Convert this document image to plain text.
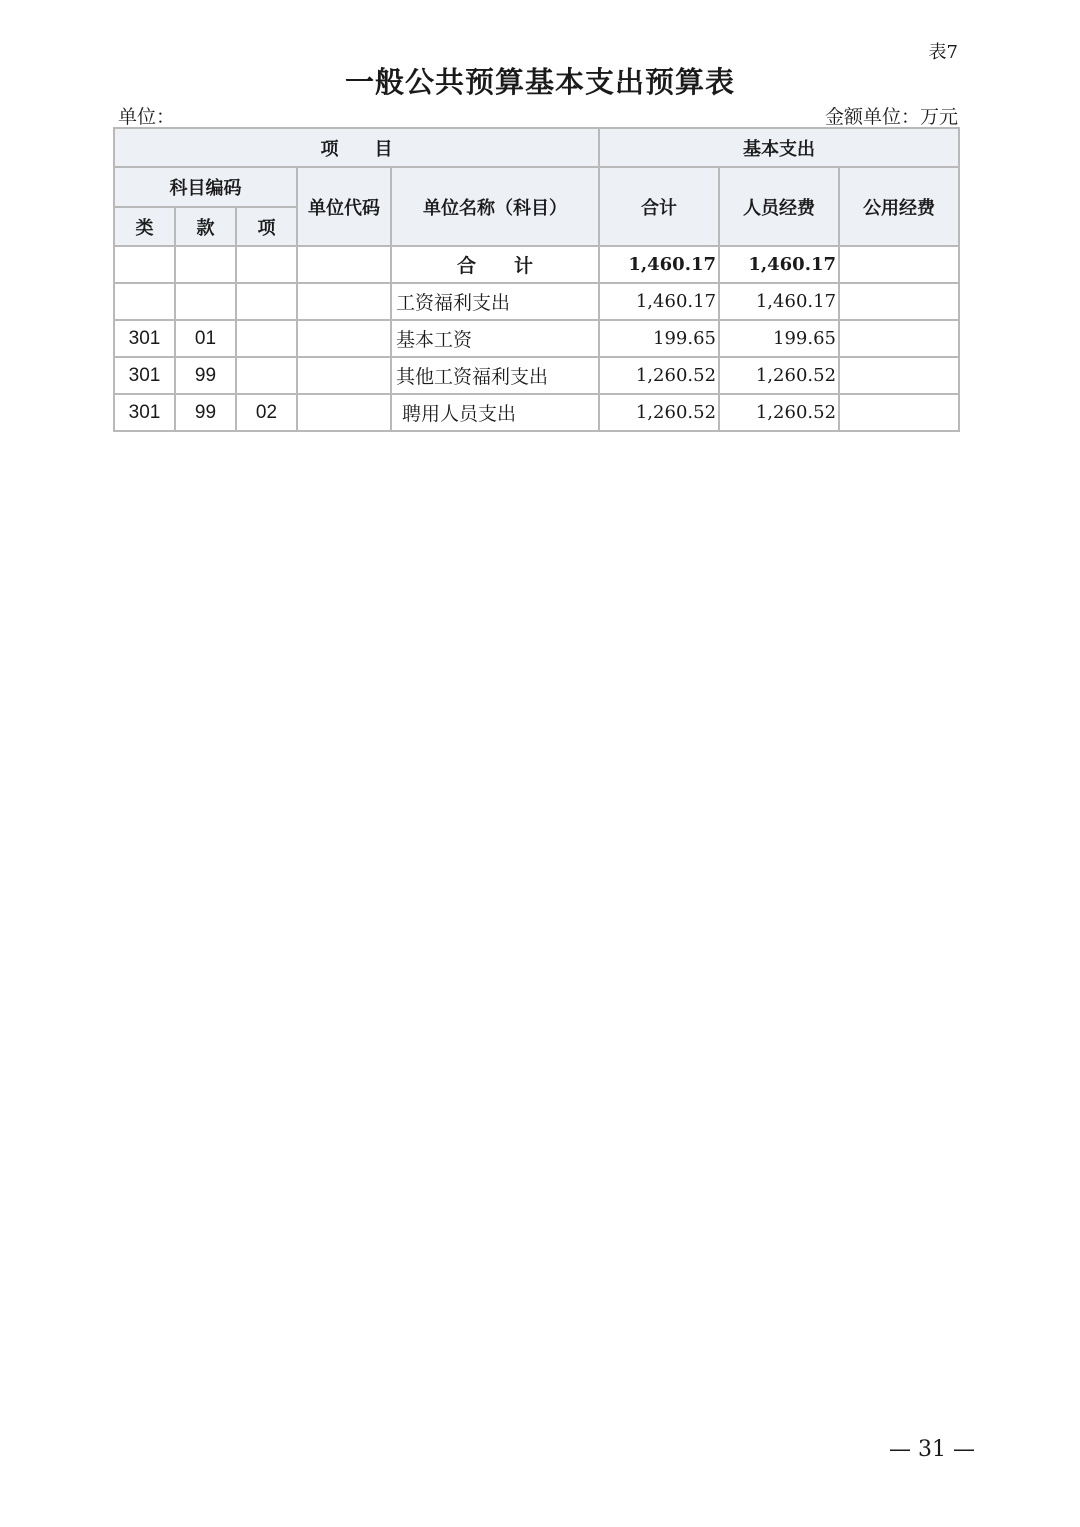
表7
一般公共预算基本支出预算表
单位：	金额单位：万元
项　　目					基本支出		
科目编码			单位代码	单位名称（科目）	合计	人员经费	公用经费
类	款	项					
				合　　计	1,460.17	1,460.17	
				工资福利支出	1,460.17	1,460.17	
301	01			基本工资	199.65	199.65	
301	99			其他工资福利支出	1,260.52	1,260.52	
301	99	02		聘用人员支出	1,260.52	1,260.52	
— 31 —
